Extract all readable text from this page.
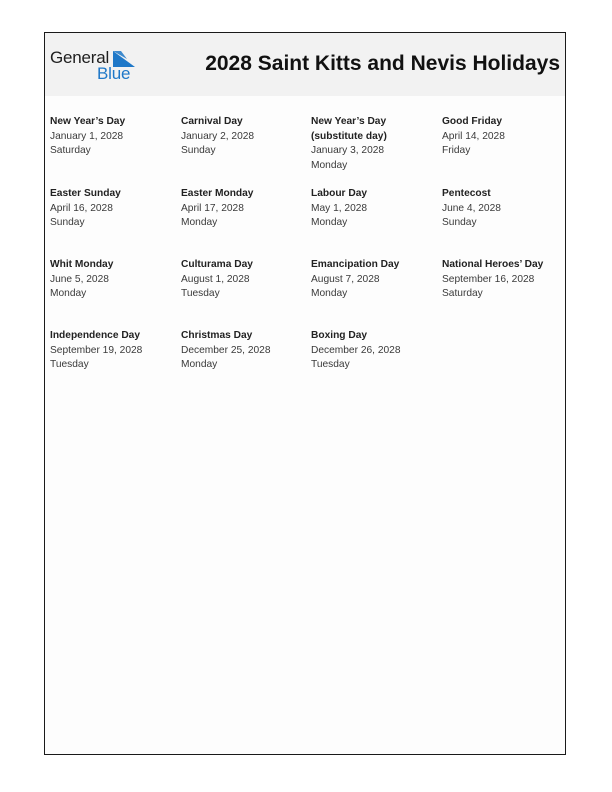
General
Blue	2028 Saint Kitts and Nevis Holidays
New Year’s Day
January 1, 2028
Saturday
Carnival Day
January 2, 2028
Sunday
New Year’s Day (substitute day)
January 3, 2028
Monday
Good Friday
April 14, 2028
Friday
Easter Sunday
April 16, 2028
Sunday
Easter Monday
April 17, 2028
Monday
Labour Day
May 1, 2028
Monday
Pentecost
June 4, 2028
Sunday
Whit Monday
June 5, 2028
Monday
Culturama Day
August 1, 2028
Tuesday
Emancipation Day
August 7, 2028
Monday
National Heroes’ Day
September 16, 2028
Saturday
Independence Day
September 19, 2028
Tuesday
Christmas Day
December 25, 2028
Monday
Boxing Day
December 26, 2028
Tuesday
